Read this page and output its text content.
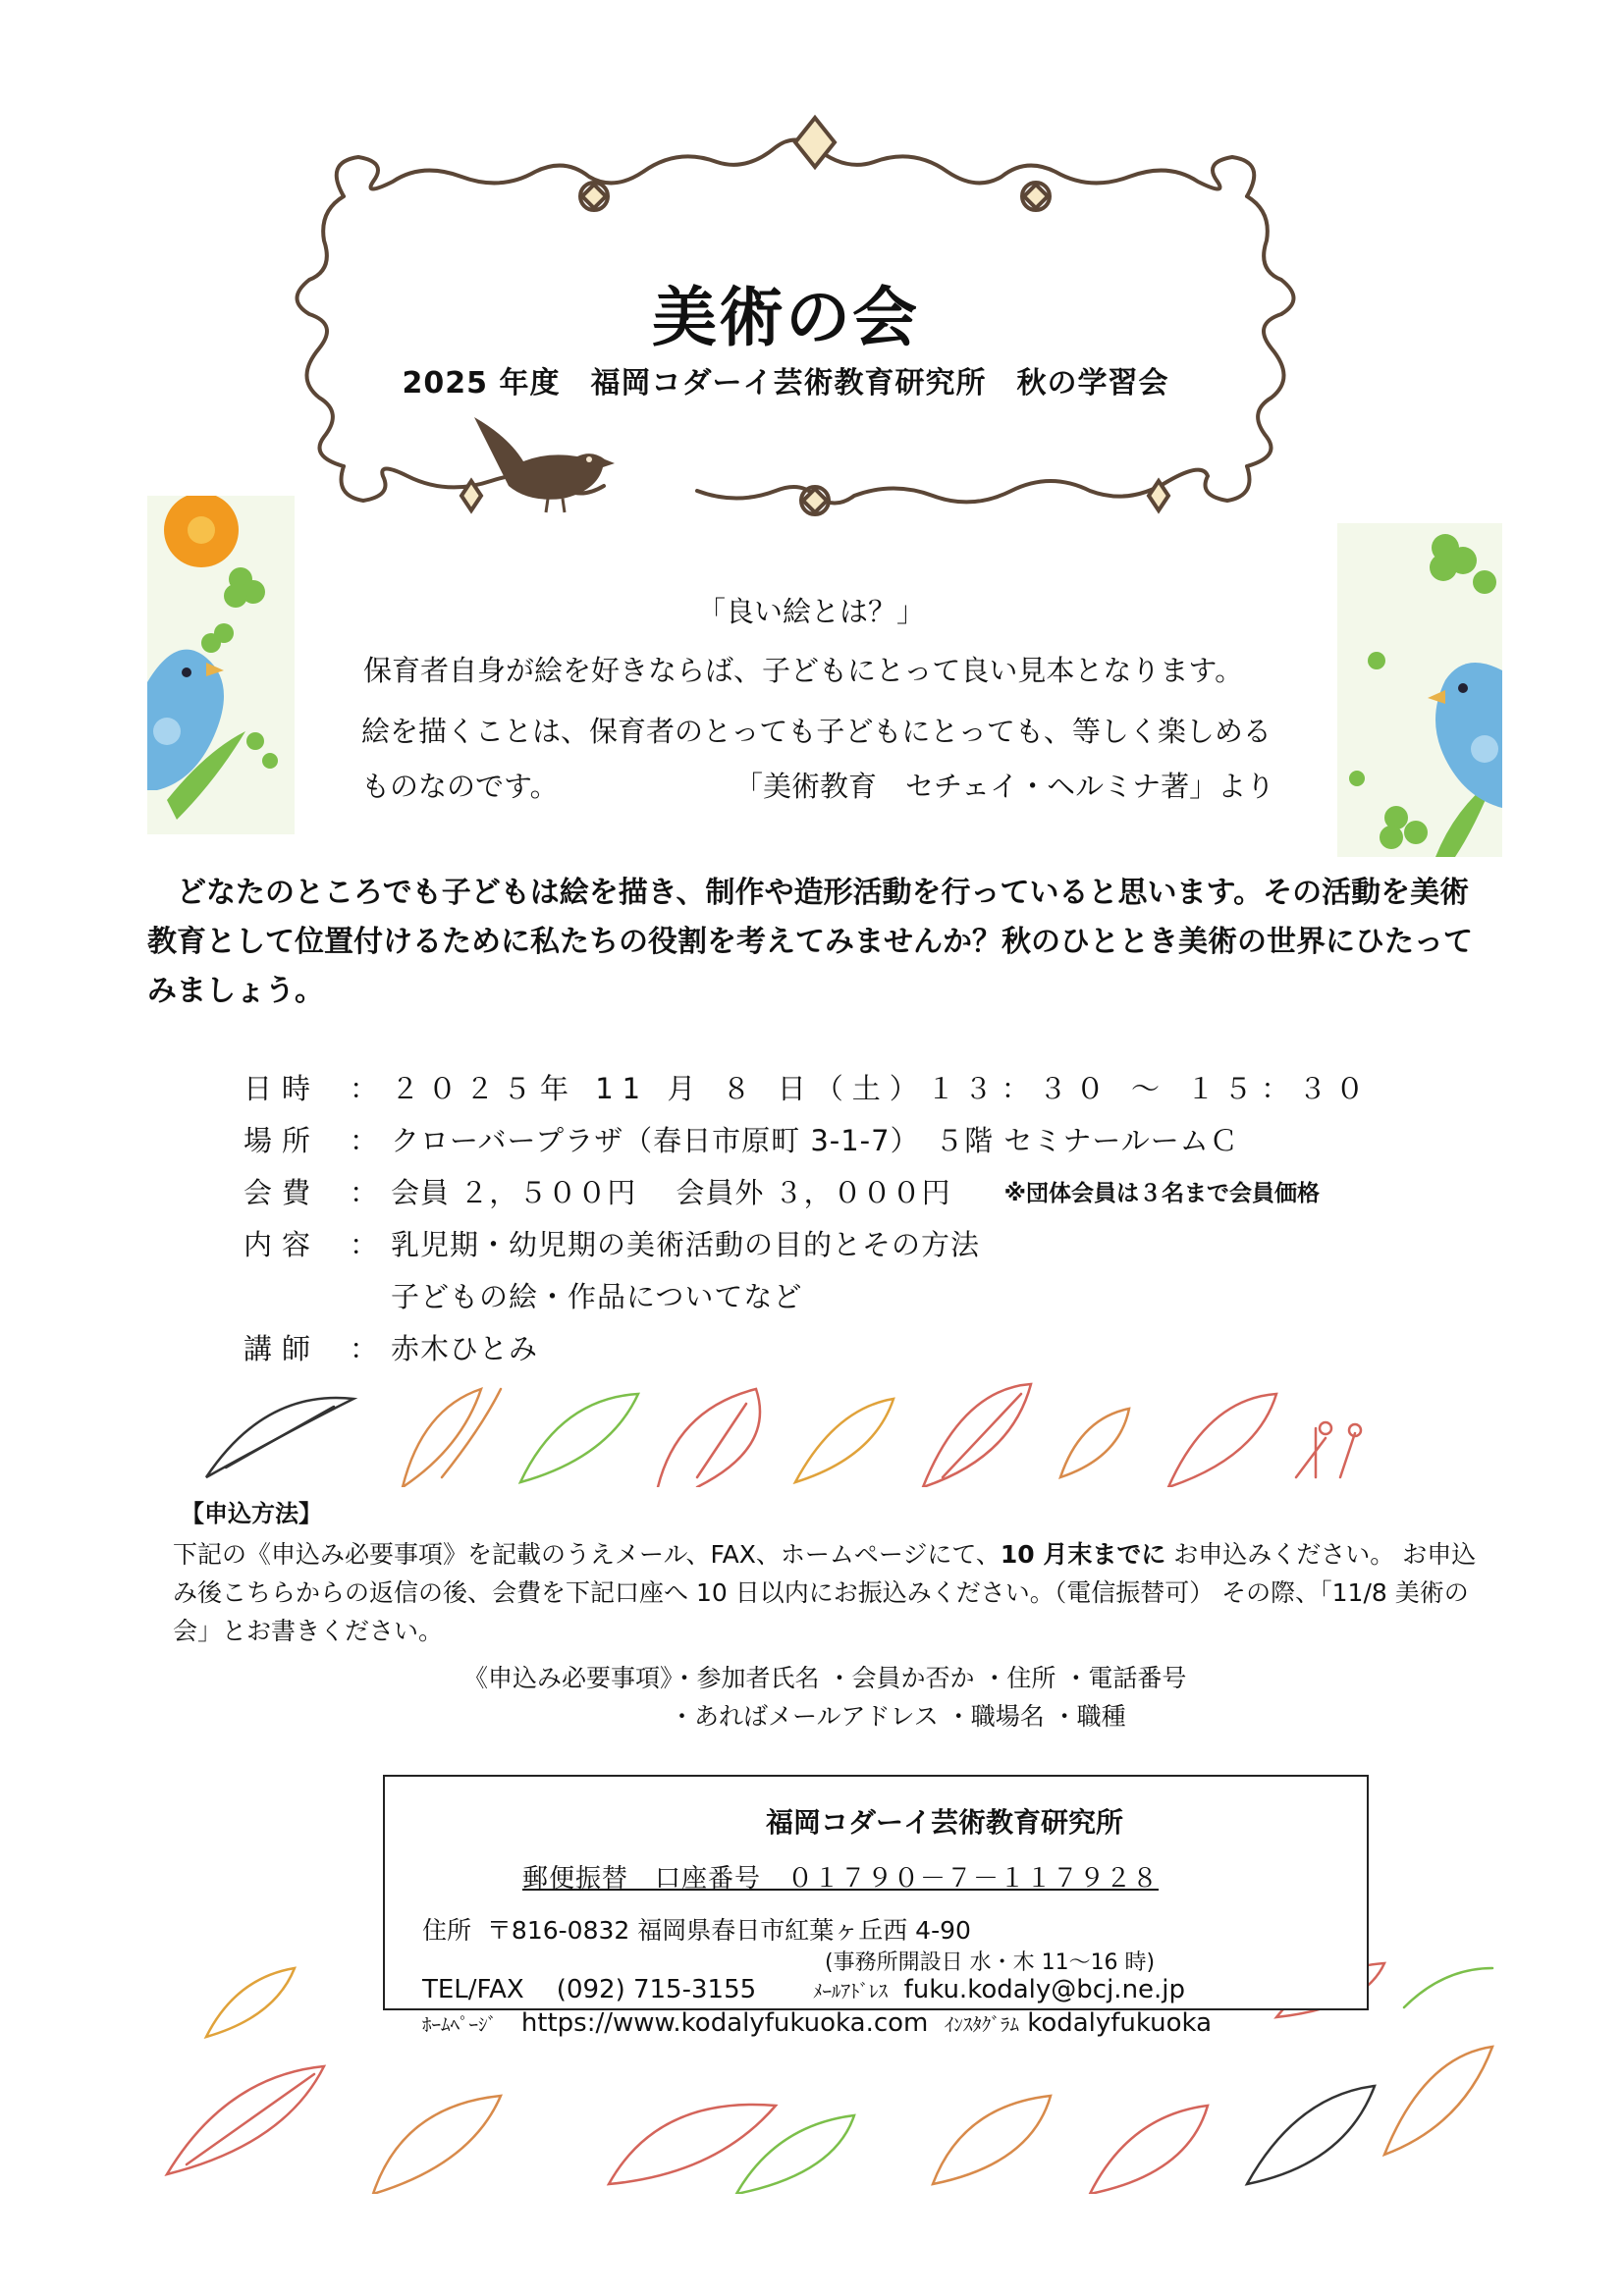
美術の会
2025 年度　福岡コダーイ芸術教育研究所　秋の学習会
「良い絵とは？」
保育者自身が絵を好きならば、子どもにとって良い見本となります。
絵を描くことは、保育者のとっても子どもにとっても、等しく楽しめる
ものなのです。	「美術教育　セチェイ・ヘルミナ著」より
どなたのところでも子どもは絵を描き、制作や造形活動を行っていると思います。その活動を美術教育として位置付けるために私たちの役割を考えてみませんか？秋のひととき美術の世界にひたってみましょう。
日時	： ２０２５年 11 月 ８ 日（土）１３：３０ ～ １５：３０
場所	： クローバープラザ（春日市原町 3-1-7）　５階 セミナールームＣ
会費	： 会員 ２，５００円　 会員外 ３，０００円 ※団体会員は３名まで会員価格
内容	： 乳児期・幼児期の美術活動の目的とその方法
子どもの絵・作品についてなど
講師	： 赤木ひとみ
【申込方法】
下記の《申込み必要事項》を記載のうえメール、FAX、ホームページにて、10 月末までに お申込みください。 お申込み後こちらからの返信の後、会費を下記口座へ 10 日以内にお振込みください。（電信振替可） その際、「11/8 美術の会」とお書きください。
《申込み必要事項》・参加者氏名 ・会員か否か ・住所 ・電話番号
・あればメールアドレス ・職場名 ・職種
福岡コダーイ芸術教育研究所
郵便振替　口座番号　０１７９０－７－１１７９２８
住所 〒816-0832 福岡県春日市紅葉ヶ丘西 4-90
(事務所開設日 水・木 11～16 時)
TEL/FAX (092) 715-3155	ﾒｰﾙｱﾄﾞﾚｽ fuku.kodaly@bcj.ne.jp
ﾎｰﾑﾍﾟｰｼﾞ https://www.kodalyfukuoka.com ｲﾝｽﾀｸﾞﾗﾑ kodalyfukuoka
